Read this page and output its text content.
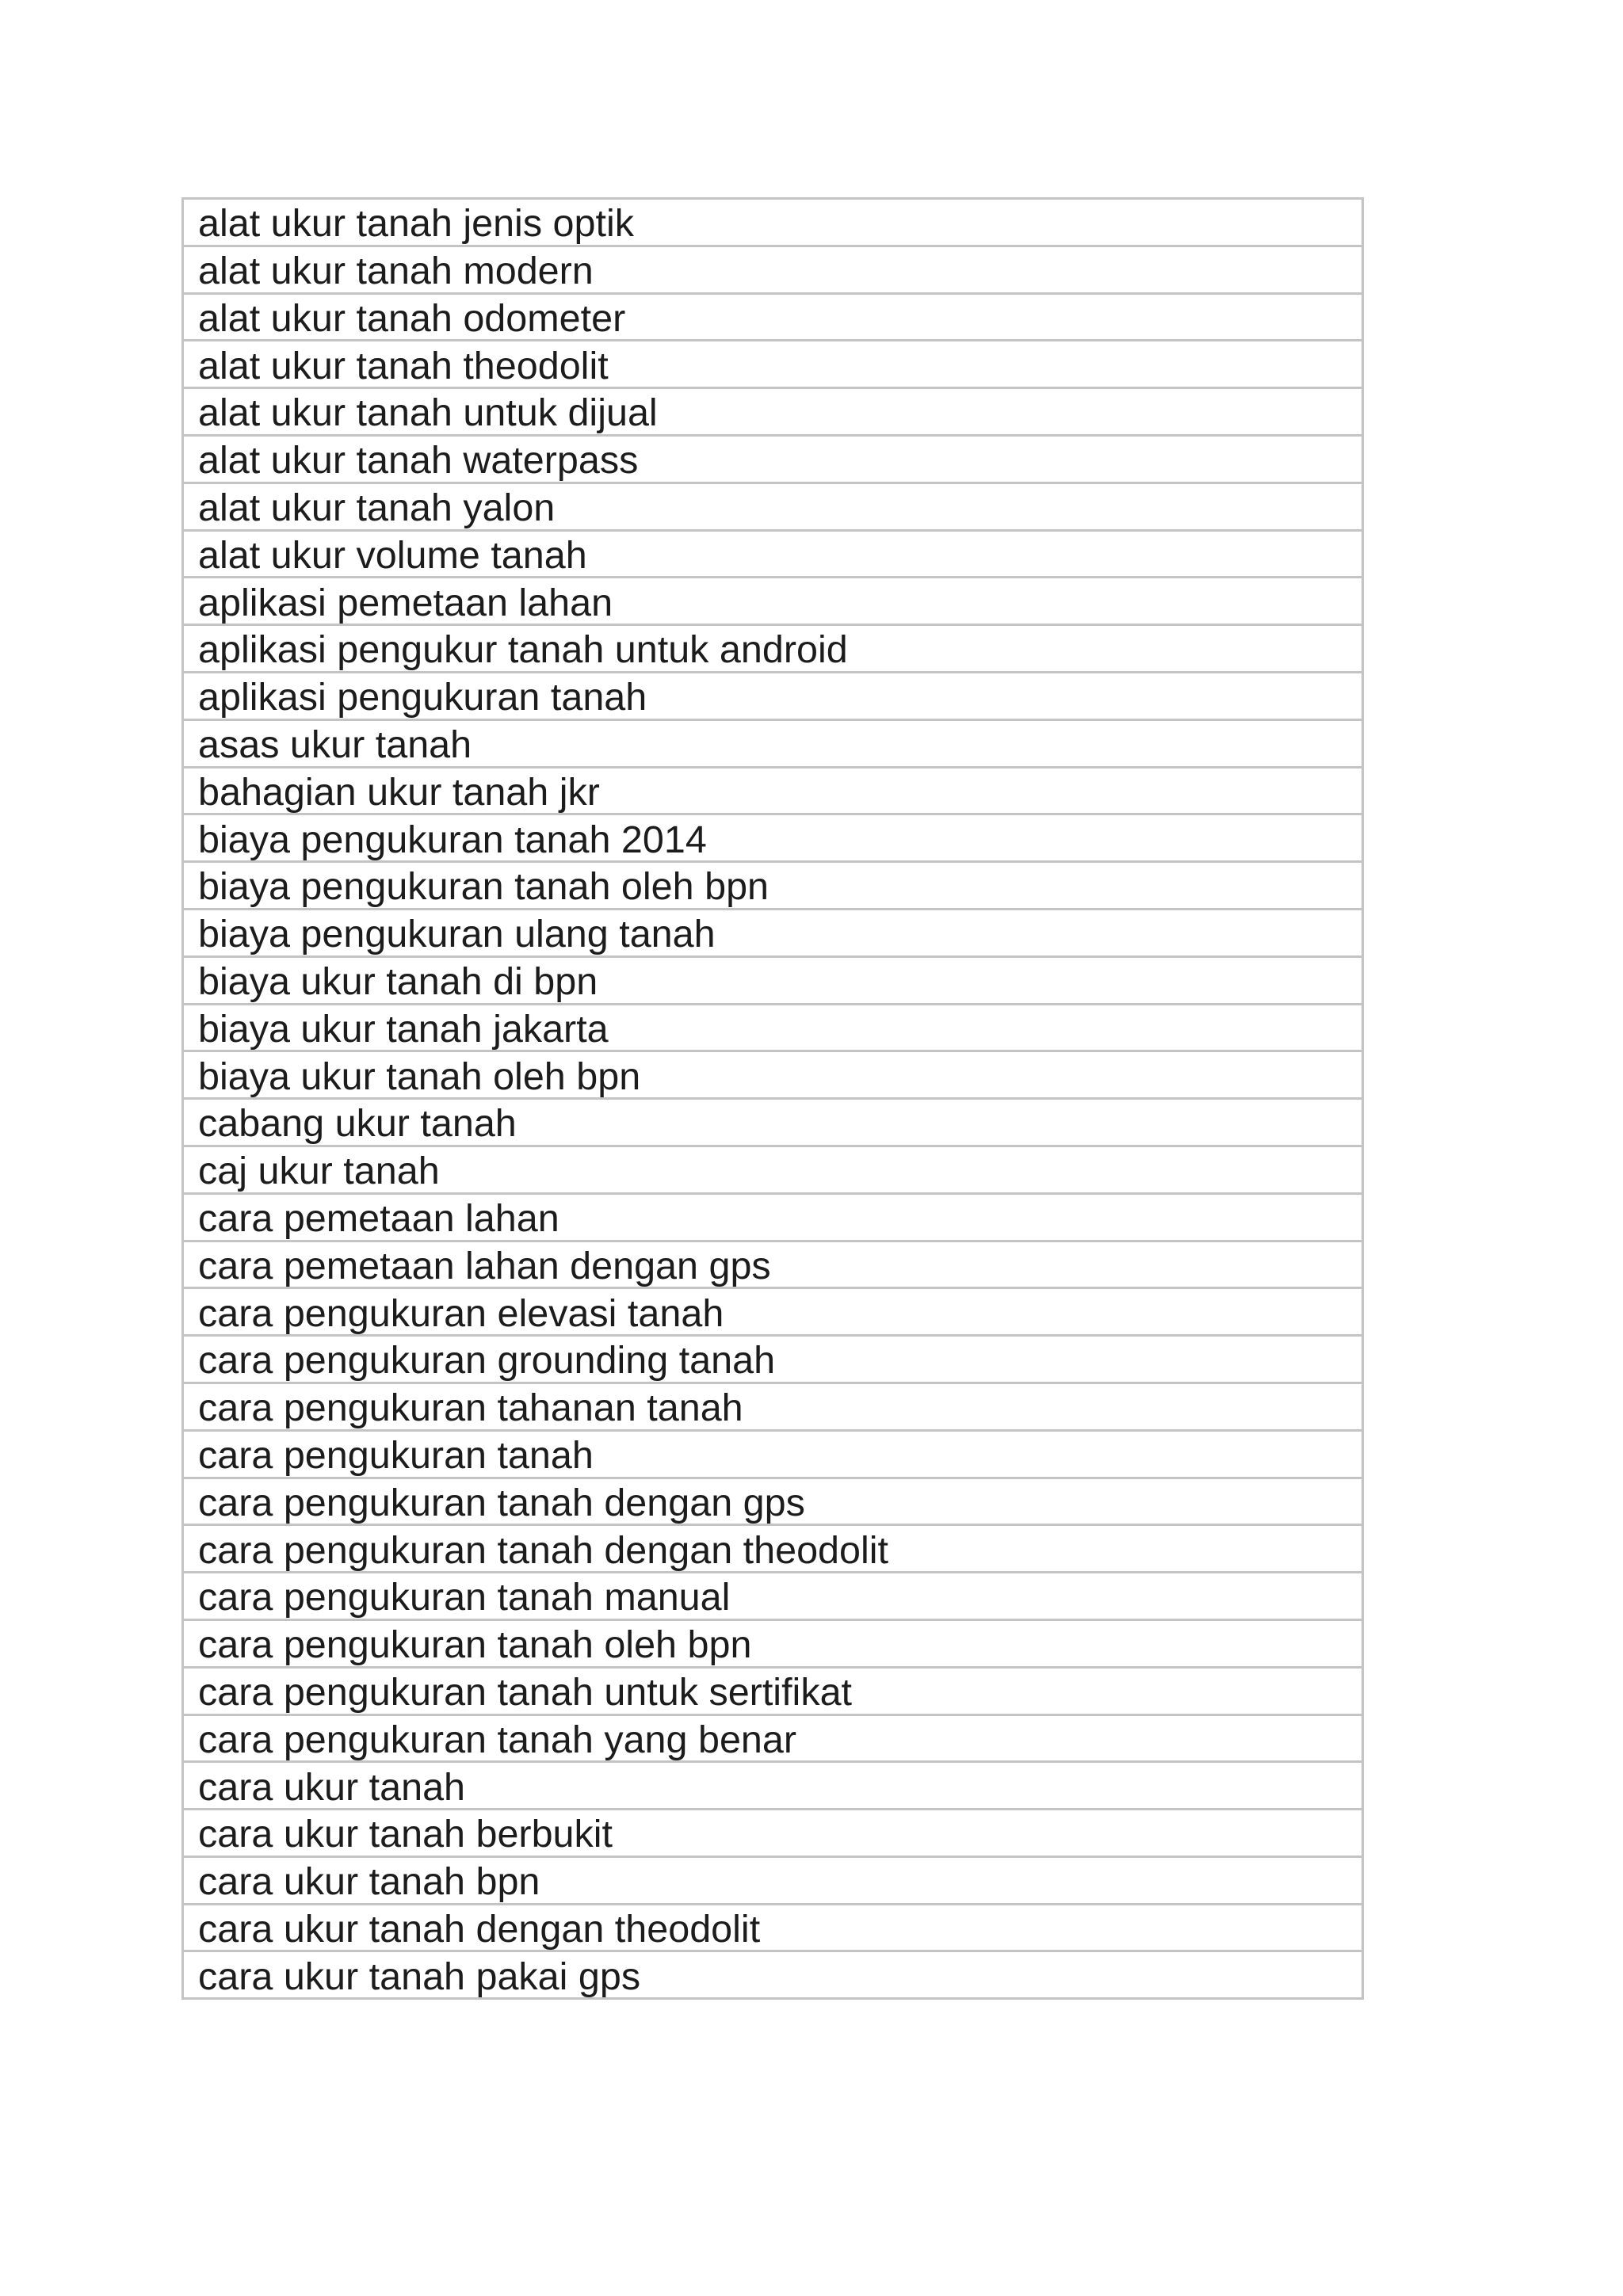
alat ukur tanah jenis optik

alat ukur tanah modern

alat ukur tanah odometer

alat ukur tanah theodolit

alat ukur tanah untuk dijual

alat ukur tanah waterpass

alat ukur tanah yalon

alat ukur volume tanah

aplikasi pemetaan lahan

aplikasi pengukur tanah untuk android

aplikasi pengukuran tanah

asas ukur tanah

bahagian ukur tanah jkr

biaya pengukuran tanah 2014

biaya pengukuran tanah oleh bpn

biaya pengukuran ulang tanah

biaya ukur tanah di bpn

biaya ukur tanah jakarta

biaya ukur tanah oleh bpn

cabang ukur tanah

caj ukur tanah

cara pemetaan lahan

cara pemetaan lahan dengan gps

cara pengukuran elevasi tanah

cara pengukuran grounding tanah

cara pengukuran tahanan tanah

cara pengukuran tanah

cara pengukuran tanah dengan gps

cara pengukuran tanah dengan theodolit

cara pengukuran tanah manual

cara pengukuran tanah oleh bpn

cara pengukuran tanah untuk sertifikat

cara pengukuran tanah yang benar

cara ukur tanah

cara ukur tanah berbukit

cara ukur tanah bpn

cara ukur tanah dengan theodolit

cara ukur tanah pakai gps
